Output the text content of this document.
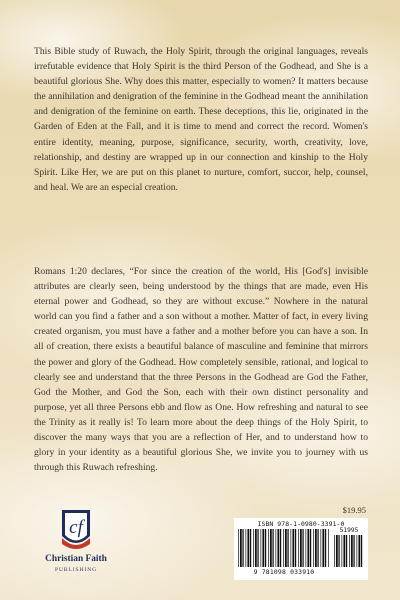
This Bible study of Ruwach, the Holy Spirit, through the original languages, reveals irrefutable evidence that Holy Spirit is the third Person of the Godhead, and She is a beautiful glorious She. Why does this matter, especially to women? It matters because the annihilation and denigration of the feminine in the Godhead meant the annihilation and denigration of the feminine on earth. These deceptions, this lie, originated in the Garden of Eden at the Fall, and it is time to mend and correct the record. Women's entire identity, meaning, purpose, significance, security, worth, creativity, love, relationship, and destiny are wrapped up in our connection and kinship to the Holy Spirit. Like Her, we are put on this planet to nurture, comfort, succor, help, counsel, and heal. We are an especial creation.

Romans 1:20 declares, “For since the creation of the world, His [God's] invisible attributes are clearly seen, being understood by the things that are made, even His eternal power and Godhead, so they are without excuse.” Nowhere in the natural world can you find a father and a son without a mother. Matter of fact, in every living created organism, you must have a father and a mother before you can have a son. In all of creation, there exists a beautiful balance of masculine and feminine that mirrors the power and glory of the Godhead. How completely sensible, rational, and logical to clearly see and understand that the three Persons in the Godhead are God the Father, God the Mother, and God the Son, each with their own distinct personality and purpose, yet all three Persons ebb and flow as One. How refreshing and natural to see the Trinity as it really is! To learn more about the deep things of the Holy Spirit, to discover the many ways that you are a reflection of Her, and to understand how to glory in your identity as a beautiful glorious She, we invite you to journey with us through this Ruwach refreshing.

cf
Christian Faith
PUBLISHING
$19.95
ISBN 978-1-0980-3391-0
51995
9 781098 033910
